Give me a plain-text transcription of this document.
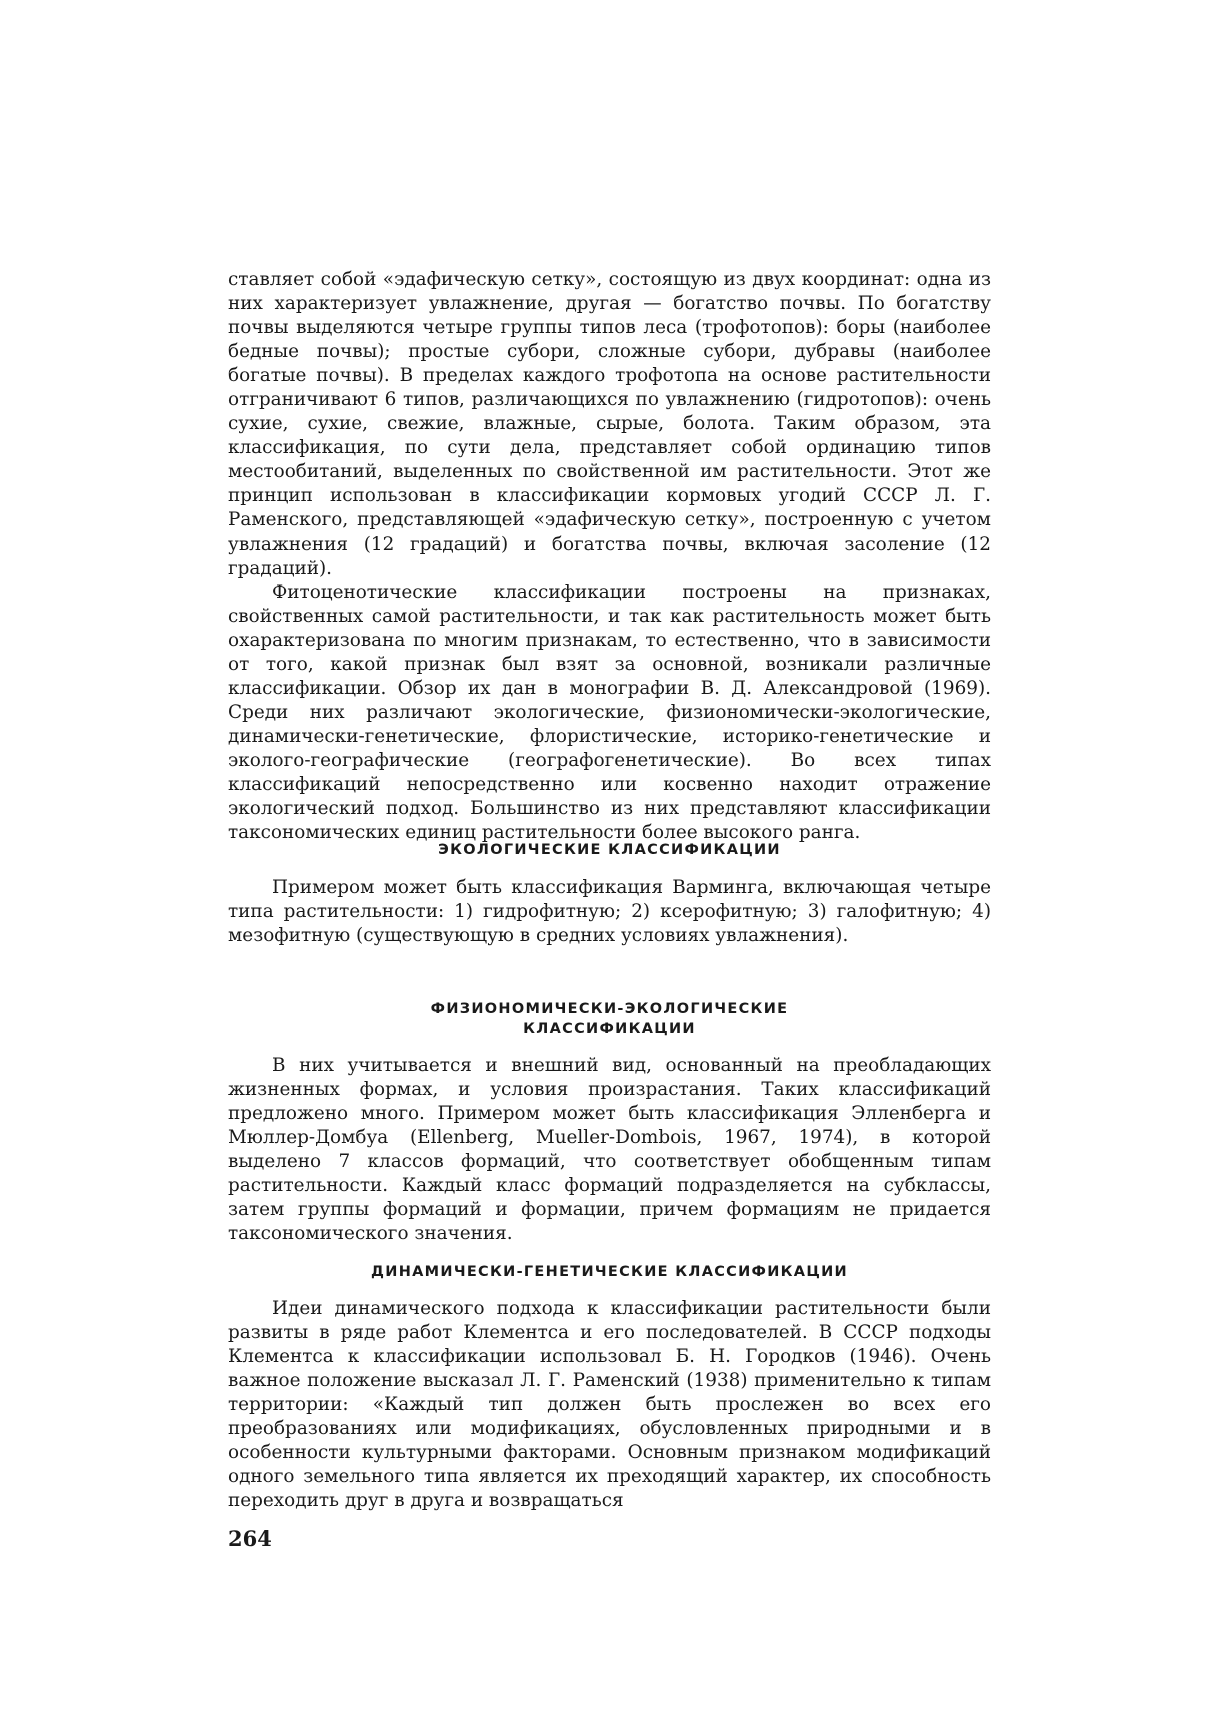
ставляет собой «эдафическую сетку», состоящую из двух координат: одна из них характеризует увлажнение, другая — богатство почвы. По богатству почвы выделяются четыре группы типов леса (трофотопов): боры (наиболее бедные почвы); простые субори, сложные субори, дубравы (наиболее богатые почвы). В пределах каждого трофотопа на основе растительности отграничивают 6 типов, различающихся по увлажнению (гидротопов): очень сухие, сухие, свежие, влажные, сырые, болота. Таким образом, эта классификация, по сути дела, представляет собой ординацию типов местообитаний, выделенных по свойственной им растительности. Этот же принцип использован в классификации кормовых угодий СССР Л. Г. Раменского, представляющей «эдафическую сетку», построенную с учетом увлажнения (12 градаций) и богатства почвы, включая засоление (12 градаций).

Фитоценотические классификации построены на признаках, свойственных самой растительности, и так как растительность может быть охарактеризована по многим признакам, то естественно, что в зависимости от того, какой признак был взят за основной, возникали различные классификации. Обзор их дан в монографии В. Д. Александровой (1969). Среди них различают экологические, физиономически-экологические, динамически-генетические, флористические, историко-генетические и эколого-географические (географогенетические). Во всех типах классификаций непосредственно или косвенно находит отражение экологический подход. Большинство из них представляют классификации таксономических единиц растительности более высокого ранга.

ЭКОЛОГИЧЕСКИЕ КЛАССИФИКАЦИИ

Примером может быть классификация Варминга, включающая четыре типа растительности: 1) гидрофитную; 2) ксерофитную; 3) галофитную; 4) мезофитную (существующую в средних условиях увлажнения).

ФИЗИОНОМИЧЕСКИ-ЭКОЛОГИЧЕСКИЕ
КЛАССИФИКАЦИИ

В них учитывается и внешний вид, основанный на преобладающих жизненных формах, и условия произрастания. Таких классификаций предложено много. Примером может быть классификация Элленберга и Мюллер-Домбуа (Ellenberg, Mueller-Dombois, 1967, 1974), в которой выделено 7 классов формаций, что соответствует обобщенным типам растительности. Каждый класс формаций подразделяется на субклассы, затем группы формаций и формации, причем формациям не придается таксономического значения.

ДИНАМИЧЕСКИ-ГЕНЕТИЧЕСКИЕ КЛАССИФИКАЦИИ

Идеи динамического подхода к классификации растительности были развиты в ряде работ Клементса и его последователей. В СССР подходы Клементса к классификации использовал Б. Н. Городков (1946). Очень важное положение высказал Л. Г. Раменский (1938) применительно к типам территории: «Каждый тип должен быть прослежен во всех его преобразованиях или модификациях, обусловленных природными и в особенности культурными факторами. Основным признаком модификаций одного земельного типа является их преходящий характер, их способность переходить друг в друга и возвращаться

264
